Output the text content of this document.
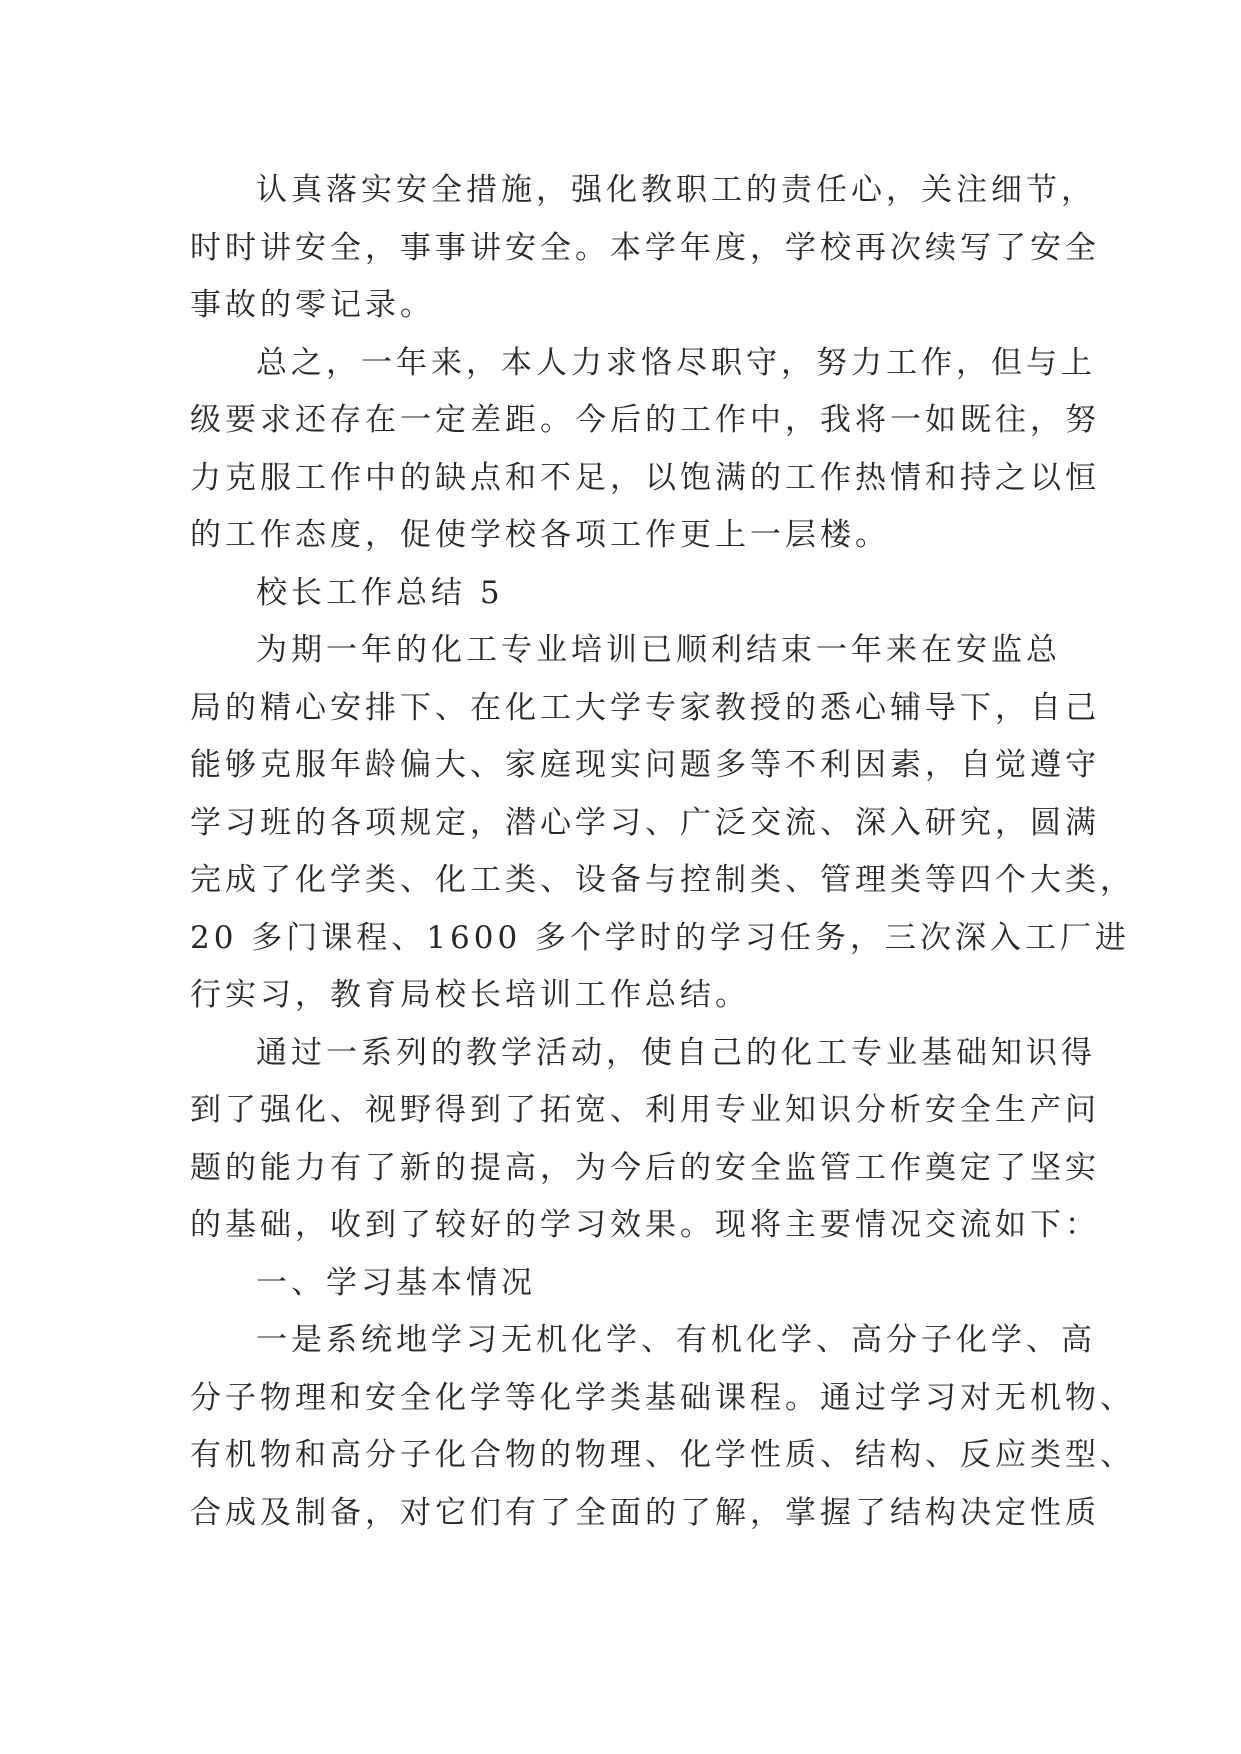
认真落实安全措施，强化教职工的责任心，关注细节，
时时讲安全，事事讲安全。本学年度，学校再次续写了安全
事故的零记录。
总之，一年来，本人力求恪尽职守，努力工作，但与上
级要求还存在一定差距。今后的工作中，我将一如既往，努
力克服工作中的缺点和不足，以饱满的工作热情和持之以恒
的工作态度，促使学校各项工作更上一层楼。
校长工作总结 5
为期一年的化工专业培训已顺利结束一年来在安监总
局的精心安排下、在化工大学专家教授的悉心辅导下，自己
能够克服年龄偏大、家庭现实问题多等不利因素，自觉遵守
学习班的各项规定，潜心学习、广泛交流、深入研究，圆满
完成了化学类、化工类、设备与控制类、管理类等四个大类，
20 多门课程、1600 多个学时的学习任务，三次深入工厂进
行实习，教育局校长培训工作总结。
通过一系列的教学活动，使自己的化工专业基础知识得
到了强化、视野得到了拓宽、利用专业知识分析安全生产问
题的能力有了新的提高，为今后的安全监管工作奠定了坚实
的基础，收到了较好的学习效果。现将主要情况交流如下：
一、学习基本情况
一是系统地学习无机化学、有机化学、高分子化学、高
分子物理和安全化学等化学类基础课程。通过学习对无机物、
有机物和高分子化合物的物理、化学性质、结构、反应类型、
合成及制备，对它们有了全面的了解，掌握了结构决定性质
